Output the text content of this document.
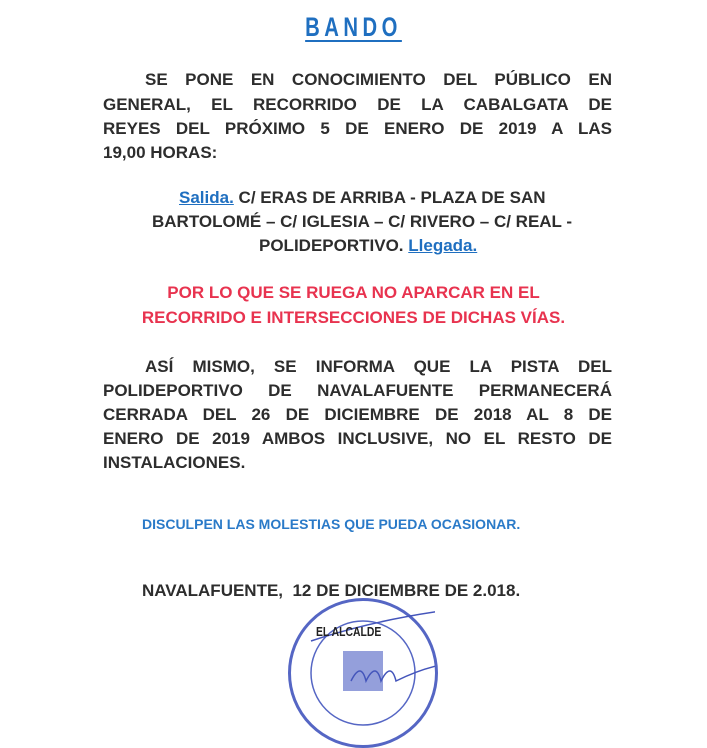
BANDO
SE PONE EN CONOCIMIENTO DEL PÚBLICO EN
GENERAL, EL RECORRIDO DE LA CABALGATA DE
REYES DEL PRÓXIMO 5 DE ENERO DE 2019 A LAS
19,00 HORAS:
Salida. C/ ERAS DE ARRIBA - PLAZA DE SAN
BARTOLOMÉ – C/ IGLESIA – C/ RIVERO – C/ REAL -
POLIDEPORTIVO. Llegada.
POR LO QUE SE RUEGA NO APARCAR EN EL
RECORRIDO E INTERSECCIONES DE DICHAS VÍAS.
ASÍ MISMO, SE INFORMA QUE LA PISTA DEL
POLIDEPORTIVO DE NAVALAFUENTE PERMANECERÁ
CERRADA DEL 26 DE DICIEMBRE DE 2018 AL 8 DE
ENERO DE 2019 AMBOS INCLUSIVE, NO EL RESTO DE
INSTALACIONES.
DISCULPEN LAS MOLESTIAS QUE PUEDA OCASIONAR.
NAVALAFUENTE,  12 DE DICIEMBRE DE 2.018.
EL ALCALDE
